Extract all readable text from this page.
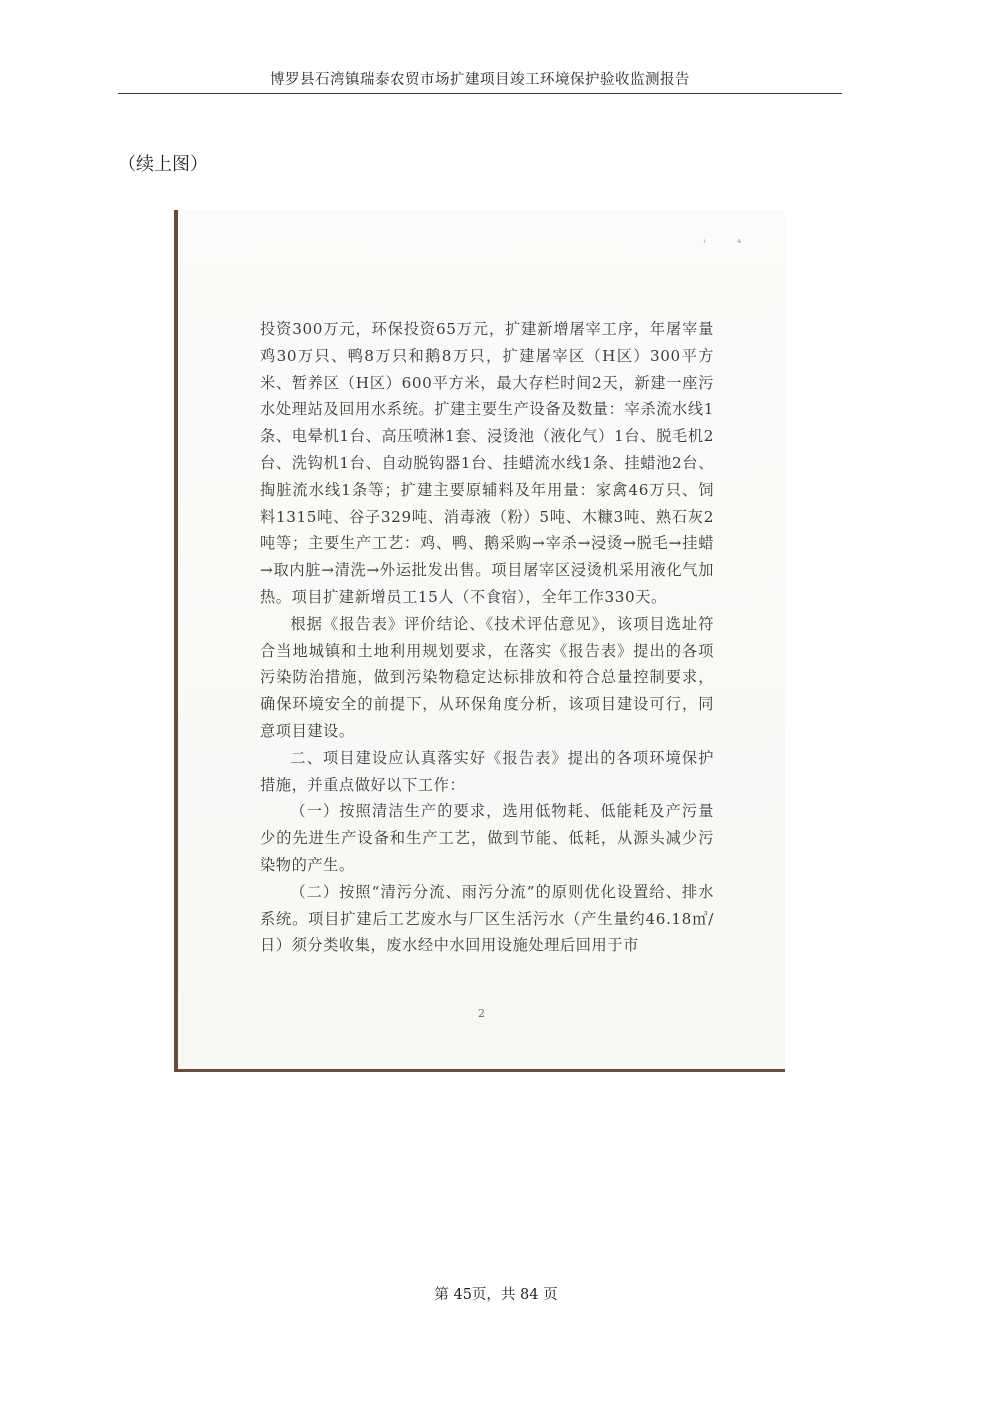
博罗县石湾镇瑞泰农贸市场扩建项目竣工环境保护验收监测报告
（续上图）
ᵢ ₄

投资300万元，环保投资65万元，扩建新增屠宰工序，年屠宰量鸡30万只、鸭8万只和鹅8万只，扩建屠宰区（H区）300平方米、暂养区（H区）600平方米，最大存栏时间2天，新建一座污水处理站及回用水系统。扩建主要生产设备及数量：宰杀流水线1条、电晕机1台、高压喷淋1套、浸烫池（液化气）1台、脱毛机2台、洗钩机1台、自动脱钩器1台、挂蜡流水线1条、挂蜡池2台、掏脏流水线1条等；扩建主要原辅料及年用量：家禽46万只、饲料1315吨、谷子329吨、消毒液（粉）5吨、木糠3吨、熟石灰2吨等；主要生产工艺：鸡、鸭、鹅采购→宰杀→浸烫→脱毛→挂蜡→取内脏→清洗→外运批发出售。项目屠宰区浸烫机采用液化气加热。项目扩建新增员工15人（不食宿），全年工作330天。

根据《报告表》评价结论、《技术评估意见》，该项目选址符合当地城镇和土地利用规划要求，在落实《报告表》提出的各项污染防治措施，做到污染物稳定达标排放和符合总量控制要求，确保环境安全的前提下，从环保角度分析，该项目建设可行，同意项目建设。

二、项目建设应认真落实好《报告表》提出的各项环境保护措施，并重点做好以下工作：

（一）按照清洁生产的要求，选用低物耗、低能耗及产污量少的先进生产设备和生产工艺，做到节能、低耗，从源头减少污染物的产生。

（二）按照“清污分流、雨污分流”的原则优化设置给、排水系统。项目扩建后工艺废水与厂区生活污水（产生量约46.18㎥/日）须分类收集，废水经中水回用设施处理后回用于市

2
第 45页，共 84 页
